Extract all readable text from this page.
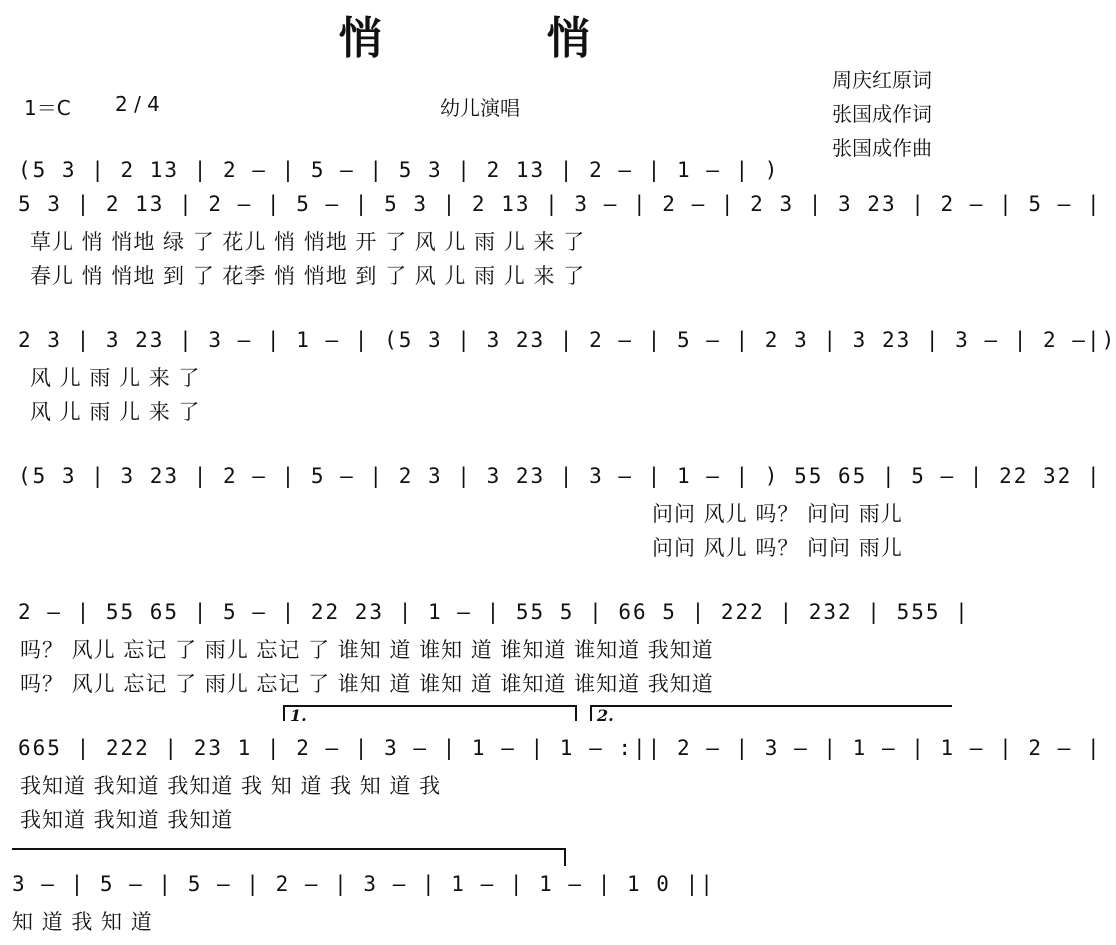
悄　悄
1＝C 2 / 4	幼儿演唱
周庆红原词
张国成作词
张国成作曲
(5 3 | 2 13 | 2 — | 5 — | 5 3 | 2 13 | 2 — | 1 — | )
5 3 | 2 13 | 2 — | 5 — | 5 3 | 2 13 | 3 — | 2 — | 2 3 | 3 23 | 2 — | 5 — |
草儿 悄 悄地 绿 了 花儿 悄 悄地 开 了 风 儿 雨 儿 来 了
春儿 悄 悄地 到 了 花季 悄 悄地 到 了 风 儿 雨 儿 来 了
2 3 | 3 23 | 3 — | 1 — | (5 3 | 3 23 | 2 — | 5 — | 2 3 | 3 23 | 3 — | 2 —|)
风 儿 雨 儿 来 了
风 儿 雨 儿 来 了
(5 3 | 3 23 | 2 — | 5 — | 2 3 | 3 23 | 3 — | 1 — | ) 55 65 | 5 — | 22 32 |
问问 风儿 吗？ 问问 雨儿
问问 风儿 吗？ 问问 雨儿
2 — | 55 65 | 5 — | 22 23 | 1 — | 55 5 | 66 5 | 222 | 232 | 555 |
吗？ 风儿 忘记 了 雨儿 忘记 了 谁知 道 谁知 道 谁知道 谁知道 我知道
吗？ 风儿 忘记 了 雨儿 忘记 了 谁知 道 谁知 道 谁知道 谁知道 我知道
1.	2.
665 | 222 | 23 1 | 2 — | 3 — | 1 — | 1 — :|| 2 — | 3 — | 1 — | 1 — | 2 — |
我知道 我知道 我知道 我 知 道 我 知 道 我
我知道 我知道 我知道
3 — | 5 — | 5 — | 2 — | 3 — | 1 — | 1 — | 1 0 ||
知 道 我 知 道
